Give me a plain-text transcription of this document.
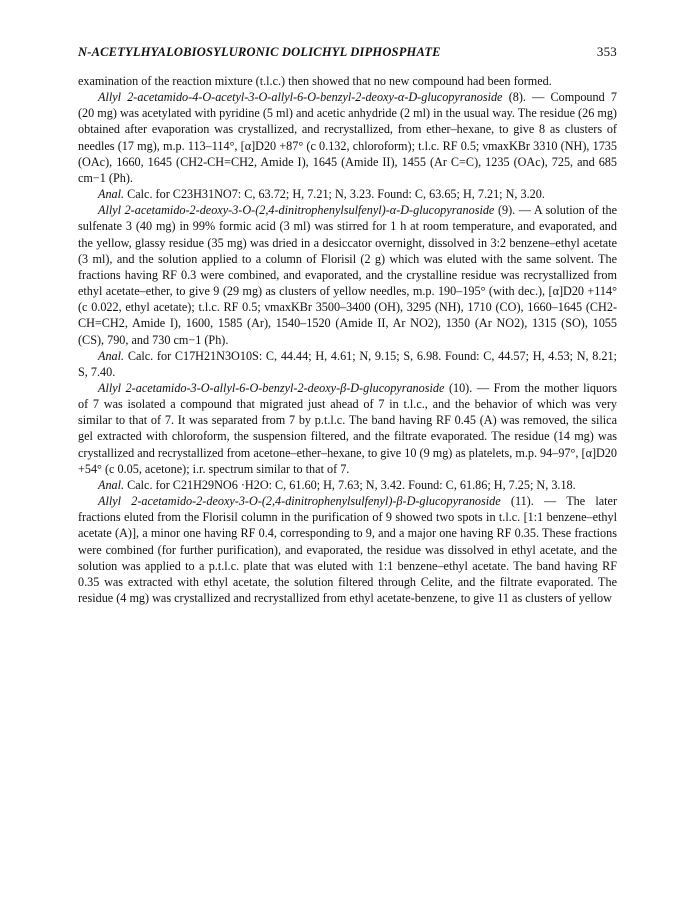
N-ACETYLHYALOBIOSYLURONIC DOLICHYL DIPHOSPHATE	353

examination of the reaction mixture (t.l.c.) then showed that no new compound had been formed.

Allyl 2-acetamido-4-O-acetyl-3-O-allyl-6-O-benzyl-2-deoxy-α-D-glucopyranoside (8). — Compound 7 (20 mg) was acetylated with pyridine (5 ml) and acetic anhydride (2 ml) in the usual way. The residue (26 mg) obtained after evaporation was crystallized, and recrystallized, from ether–hexane, to give 8 as clusters of needles (17 mg), m.p. 113–114°, [α]D20 +87° (c 0.132, chloroform); t.l.c. RF 0.5; νmaxKBr 3310 (NH), 1735 (OAc), 1660, 1645 (CH2-CH=CH2, Amide I), 1645 (Amide II), 1455 (Ar C=C), 1235 (OAc), 725, and 685 cm−1 (Ph).

Anal. Calc. for C23H31NO7: C, 63.72; H, 7.21; N, 3.23. Found: C, 63.65; H, 7.21; N, 3.20.

Allyl 2-acetamido-2-deoxy-3-O-(2,4-dinitrophenylsulfenyl)-α-D-glucopyranoside (9). — A solution of the sulfenate 3 (40 mg) in 99% formic acid (3 ml) was stirred for 1 h at room temperature, and evaporated, and the yellow, glassy residue (35 mg) was dried in a desiccator overnight, dissolved in 3:2 benzene–ethyl acetate (3 ml), and the solution applied to a column of Florisil (2 g) which was eluted with the same solvent. The fractions having RF 0.3 were combined, and evaporated, and the crystalline residue was recrystallized from ethyl acetate–ether, to give 9 (29 mg) as clusters of yellow needles, m.p. 190–195° (with dec.), [α]D20 +114° (c 0.022, ethyl acetate); t.l.c. RF 0.5; νmaxKBr 3500–3400 (OH), 3295 (NH), 1710 (CO), 1660–1645 (CH2-CH=CH2, Amide I), 1600, 1585 (Ar), 1540–1520 (Amide II, Ar NO2), 1350 (Ar NO2), 1315 (SO), 1055 (CS), 790, and 730 cm−1 (Ph).

Anal. Calc. for C17H21N3O10S: C, 44.44; H, 4.61; N, 9.15; S, 6.98. Found: C, 44.57; H, 4.53; N, 8.21; S, 7.40.

Allyl 2-acetamido-3-O-allyl-6-O-benzyl-2-deoxy-β-D-glucopyranoside (10). — From the mother liquors of 7 was isolated a compound that migrated just ahead of 7 in t.l.c., and the behavior of which was very similar to that of 7. It was separated from 7 by p.t.l.c. The band having RF 0.45 (A) was removed, the silica gel extracted with chloroform, the suspension filtered, and the filtrate evaporated. The residue (14 mg) was crystallized and recrystallized from acetone–ether–hexane, to give 10 (9 mg) as platelets, m.p. 94–97°, [α]D20 +54° (c 0.05, acetone); i.r. spectrum similar to that of 7.

Anal. Calc. for C21H29NO6 ·H2O: C, 61.60; H, 7.63; N, 3.42. Found: C, 61.86; H, 7.25; N, 3.18.

Allyl 2-acetamido-2-deoxy-3-O-(2,4-dinitrophenylsulfenyl)-β-D-glucopyranoside (11). — The later fractions eluted from the Florisil column in the purification of 9 showed two spots in t.l.c. [1:1 benzene–ethyl acetate (A)], a minor one having RF 0.4, corresponding to 9, and a major one having RF 0.35. These fractions were combined (for further purification), and evaporated, the residue was dissolved in ethyl acetate, and the solution was applied to a p.t.l.c. plate that was eluted with 1:1 benzene–ethyl acetate. The band having RF 0.35 was extracted with ethyl acetate, the solution filtered through Celite, and the filtrate evaporated. The residue (4 mg) was crystallized and recrystallized from ethyl acetate-benzene, to give 11 as clusters of yellow
